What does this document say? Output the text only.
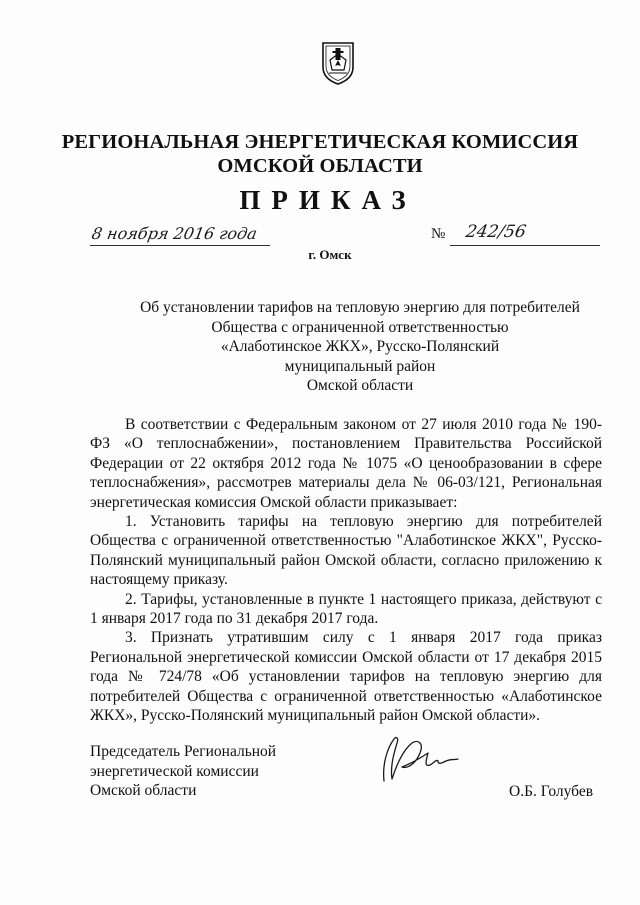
РЕГИОНАЛЬНАЯ ЭНЕРГЕТИЧЕСКАЯ КОМИССИЯ
ОМСКОЙ ОБЛАСТИ
ПРИКАЗ
8 ноября 2016 года
г. Омск
№ 242/56
Об установлении тарифов на тепловую энергию для потребителей
Общества с ограниченной ответственностью
«Алаботинское ЖКХ», Русско-Полянский
муниципальный район
Омской области

В соответствии с Федеральным законом от 27 июля 2010 года № 190-ФЗ «О теплоснабжении», постановлением Правительства Российской Федерации от 22 октября 2012 года № 1075 «О ценообразовании в сфере теплоснабжения», рассмотрев материалы дела № 06-03/121, Региональная энергетическая комиссия Омской области приказывает:

1. Установить тарифы на тепловую энергию для потребителей Общества с ограниченной ответственностью "Алаботинское ЖКХ", Русско-Полянский муниципальный район Омской области, согласно приложению к настоящему приказу.

2. Тарифы, установленные в пункте 1 настоящего приказа, действуют с 1 января 2017 года по 31 декабря 2017 года.

3. Признать утратившим силу с 1 января 2017 года приказ Региональной энергетической комиссии Омской области от 17 декабря 2015 года № 724/78 «Об установлении тарифов на тепловую энергию для потребителей Общества с ограниченной ответственностью «Алаботинское ЖКХ», Русско-Полянский муниципальный район Омской области».

Председатель Региональной
энергетической комиссии
Омской области	О.Б. Голубев
